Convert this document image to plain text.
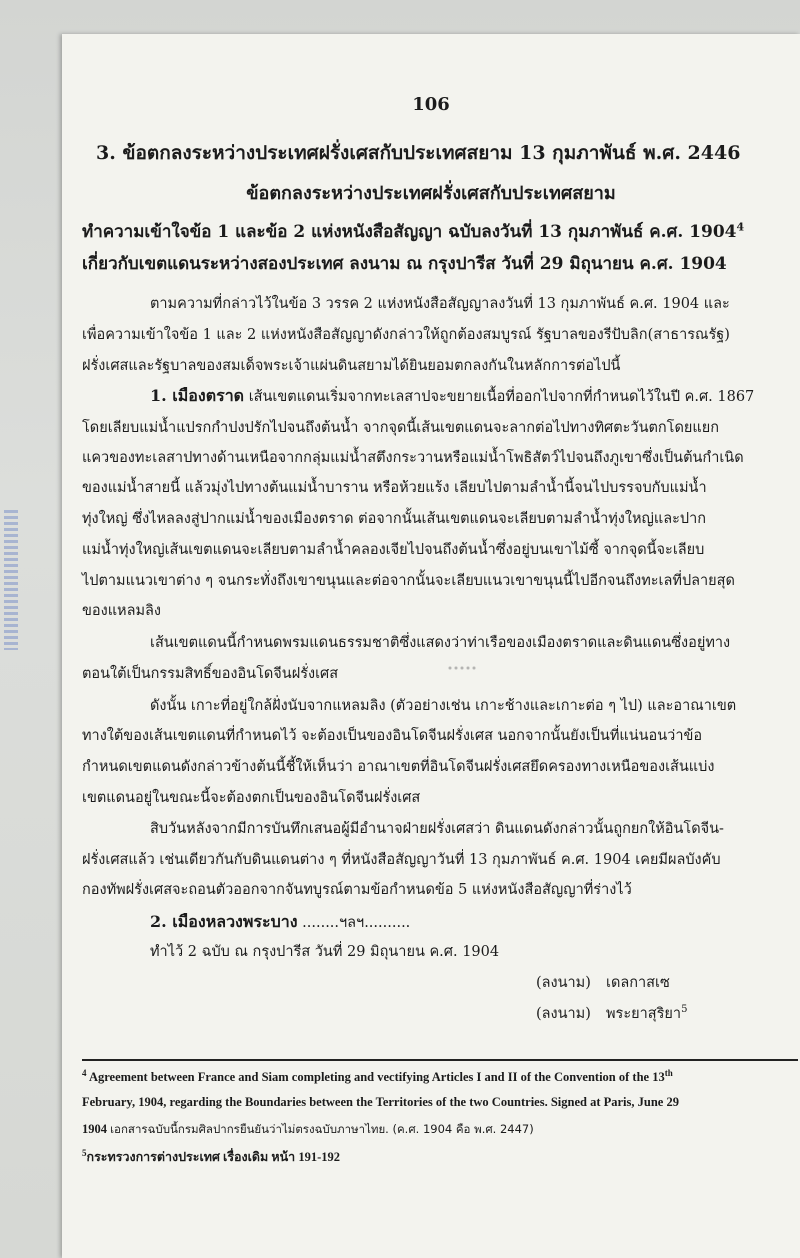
106
3. ข้อตกลงระหว่างประเทศฝรั่งเศสกับประเทศสยาม 13 กุมภาพันธ์ พ.ศ. 2446
ข้อตกลงระหว่างประเทศฝรั่งเศสกับประเทศสยาม
ทำความเข้าใจข้อ 1 และข้อ 2 แห่งหนังสือสัญญา ฉบับลงวันที่ 13 กุมภาพันธ์ ค.ศ. 1904$^4$
เกี่ยวกับเขตแดนระหว่างสองประเทศ ลงนาม ณ กรุงปารีส วันที่ 29 มิถุนายน ค.ศ. 1904
ตามความที่กล่าวไว้ในข้อ 3 วรรค 2 แห่งหนังสือสัญญาลงวันที่ 13 กุมภาพันธ์ ค.ศ. 1904 และ
เพื่อความเข้าใจข้อ 1 และ 2 แห่งหนังสือสัญญาดังกล่าวให้ถูกต้องสมบูรณ์ รัฐบาลของรีปับลิก(สาธารณรัฐ)
ฝรั่งเศสและรัฐบาลของสมเด็จพระเจ้าแผ่นดินสยามได้ยินยอมตกลงกันในหลักการต่อไปนี้
1. เมืองตราด เส้นเขตแดนเริ่มจากทะเลสาปจะขยายเนื้อที่ออกไปจากที่กำหนดไว้ในปี ค.ศ. 1867
โดยเลียบแม่น้ำแปรกกำปงปรักไปจนถึงต้นน้ำ จากจุดนี้เส้นเขตแดนจะลากต่อไปทางทิศตะวันตกโดยแยก
แควของทะเลสาปทางด้านเหนือจากกลุ่มแม่น้ำสตึงกระวานหรือแม่น้ำโพธิสัตว์ไปจนถึงภูเขาซึ่งเป็นต้นกำเนิด
ของแม่น้ำสายนี้ แล้วมุ่งไปทางต้นแม่น้ำบาราน หรือห้วยแร้ง เลียบไปตามลำน้ำนี้จนไปบรรจบกับแม่น้ำ
ทุ่งใหญ่ ซึ่งไหลลงสู่ปากแม่น้ำของเมืองตราด ต่อจากนั้นเส้นเขตแดนจะเลียบตามลำน้ำทุ่งใหญ่และปาก
แม่น้ำทุ่งใหญ่เส้นเขตแดนจะเลียบตามลำน้ำคลองเจียไปจนถึงต้นน้ำซึ่งอยู่บนเขาไม้ซี้ จากจุดนี้จะเลียบ
ไปตามแนวเขาต่าง ๆ จนกระทั่งถึงเขาขนุนและต่อจากนั้นจะเลียบแนวเขาขนุนนี้ไปอีกจนถึงทะเลที่ปลายสุด
ของแหลมลิง
เส้นเขตแดนนี้กำหนดพรมแดนธรรมชาติซึ่งแสดงว่าท่าเรือของเมืองตราดและดินแดนซึ่งอยู่ทาง
ตอนใต้เป็นกรรมสิทธิ์ของอินโดจีนฝรั่งเศส
ดังนั้น เกาะที่อยู่ใกล้ฝั่งนับจากแหลมลิง (ตัวอย่างเช่น เกาะช้างและเกาะต่อ ๆ ไป) และอาณาเขต
ทางใต้ของเส้นเขตแดนที่กำหนดไว้ จะต้องเป็นของอินโดจีนฝรั่งเศส นอกจากนั้นยังเป็นที่แน่นอนว่าข้อ
กำหนดเขตแดนดังกล่าวข้างต้นนี้ชี้ให้เห็นว่า อาณาเขตที่อินโดจีนฝรั่งเศสยึดครองทางเหนือของเส้นแบ่ง
เขตแดนอยู่ในขณะนี้จะต้องตกเป็นของอินโดจีนฝรั่งเศส
สิบวันหลังจากมีการบันทึกเสนอผู้มีอำนาจฝ่ายฝรั่งเศสว่า ดินแดนดังกล่าวนั้นถูกยกให้อินโดจีน-
ฝรั่งเศสแล้ว เช่นเดียวกันกับดินแดนต่าง ๆ ที่หนังสือสัญญาวันที่ 13 กุมภาพันธ์ ค.ศ. 1904 เคยมีผลบังคับ
กองทัพฝรั่งเศสจะถอนตัวออกจากจันทบูรณ์ตามข้อกำหนดข้อ 5 แห่งหนังสือสัญญาที่ร่างไว้
2. เมืองหลวงพระบาง ........ฯลฯ..........
ทำไว้ 2 ฉบับ ณ กรุงปารีส วันที่ 29 มิถุนายน ค.ศ. 1904
(ลงนาม) เดลกาสเซ
(ลงนาม) พระยาสุริยา$^5$
$^4$ Agreement between France and Siam completing and vectifying Articles I and II of the Convention of the 13th
February, 1904, regarding the Boundaries between the Territories of the two Countries. Signed at Paris, June 29
1904 เอกสารฉบับนี้กรมศิลปากรยืนยันว่าไม่ตรงฉบับภาษาไทย. (ค.ศ. 1904 คือ พ.ศ. 2447)
$^5$กระทรวงการต่างประเทศ เรื่องเดิม หน้า 191-192
